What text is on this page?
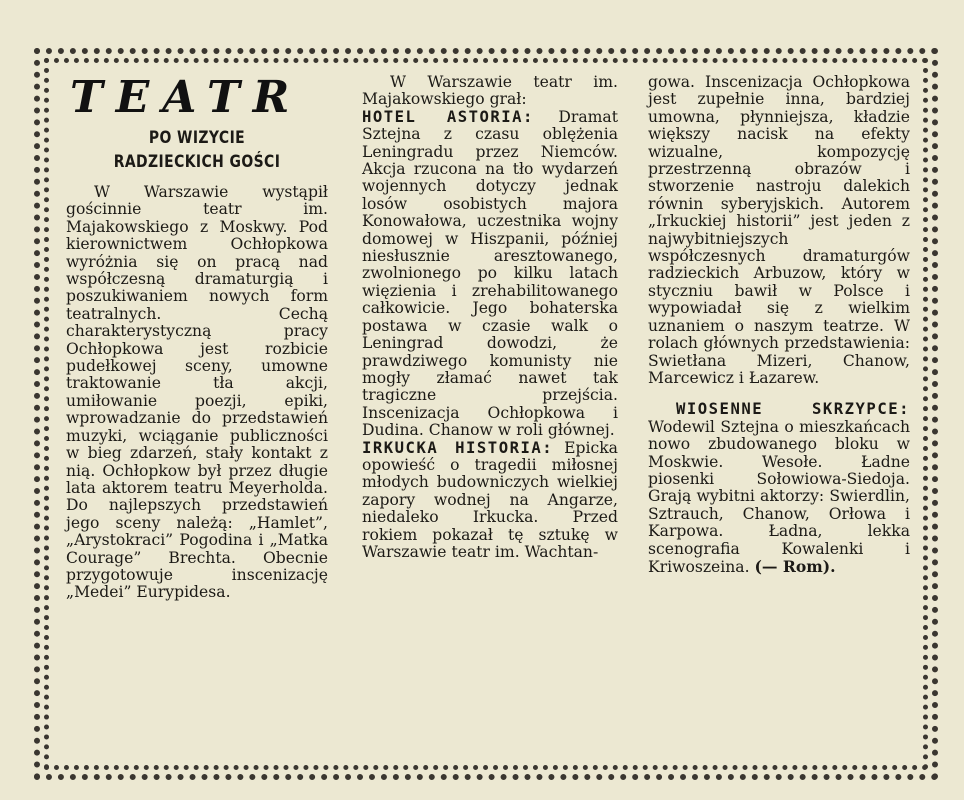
TEATR
PO WIZYCIE
RADZIECKICH GOŚCI

W Warszawie wystąpił gościnnie teatr im. Majakowskiego z Moskwy. Pod kierownictwem Ochłopkowa wyróżnia się on pracą nad współczesną dramaturgią i poszukiwaniem nowych form teatralnych. Cechą charakterystyczną pracy Ochłopkowa jest rozbicie pudełkowej sceny, umowne traktowanie tła akcji, umiłowanie poezji, epiki, wprowadzanie do przedstawień muzyki, wciąganie publiczności w bieg zdarzeń, stały kontakt z nią. Ochłopkow był przez długie lata aktorem teatru Meyerholda. Do najlepszych przedstawień jego sceny należą: „Hamlet”, „Arystokraci” Pogodina i „Matka Courage” Brechta. Obecnie przygotowuje inscenizację „Medei” Eurypidesa.

W Warszawie teatr im. Majakowskiego grał:

HOTEL ASTORIA: Dramat Sztejna z czasu oblężenia Leningradu przez Niemców. Akcja rzucona na tło wydarzeń wojennych dotyczy jednak losów osobistych majora Konowałowa, uczestnika wojny domowej w Hiszpanii, później niesłusznie aresztowanego, zwolnionego po kilku latach więzienia i zrehabilitowanego całkowicie. Jego bohaterska postawa w czasie walk o Leningrad dowodzi, że prawdziwego komunisty nie mogły złamać nawet tak tragiczne przejścia. Inscenizacja Ochłopkowa i Dudina. Chanow w roli głównej.

IRKUCKA HISTORIA: Epicka opowieść o tragedii miłosnej młodych budowniczych wielkiej zapory wodnej na Angarze, niedaleko Irkucka. Przed rokiem pokazał tę sztukę w Warszawie teatr im. Wachtan-

gowa. Inscenizacja Ochłopkowa jest zupełnie inna, bardziej umowna, płynniejsza, kładzie większy nacisk na efekty wizualne, kompozycję przestrzenną obrazów i stworzenie nastroju dalekich równin syberyjskich. Autorem „Irkuckiej historii” jest jeden z najwybitniejszych współczesnych dramaturgów radzieckich Arbuzow, który w styczniu bawił w Polsce i wypowiadał się z wielkim uznaniem o naszym teatrze. W rolach głównych przedstawienia: Swietłana Mizeri, Chanow, Marcewicz i Łazarew.

WIOSENNE SKRZYPCE: Wodewil Sztejna o mieszkańcach nowo zbudowanego bloku w Moskwie. Wesołe. Ładne piosenki Sołowiowa-Siedoja. Grają wybitni aktorzy: Swierdlin, Sztrauch, Chanow, Orłowa i Karpowa. Ładna, lekka scenografia Kowalenki i Kriwoszeina. (— Rom).
